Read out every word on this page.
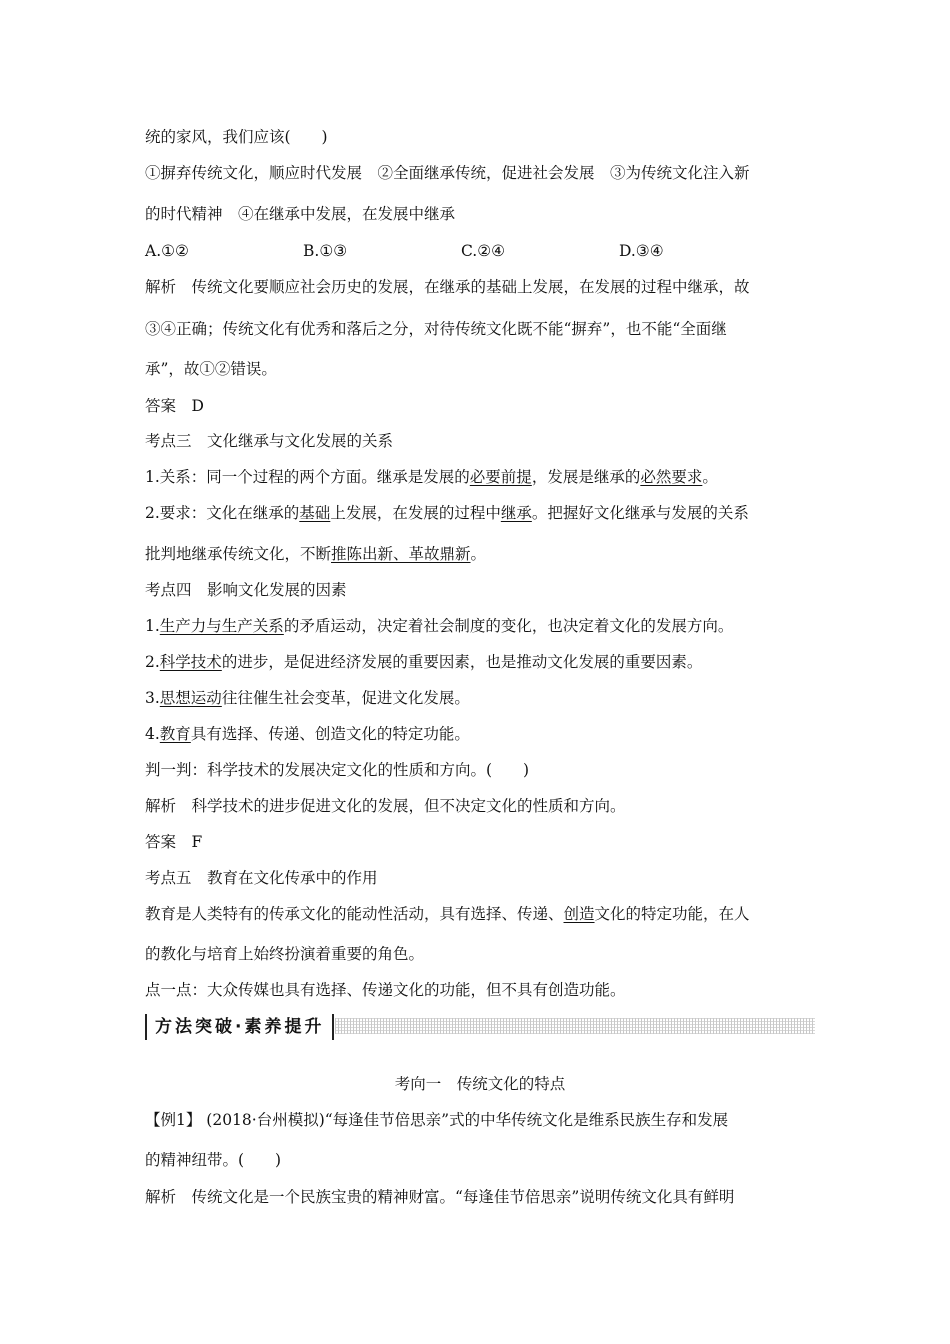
统的家风，我们应该(　　)
①摒弃传统文化，顺应时代发展　②全面继承传统，促进社会发展　③为传统文化注入新
的时代精神　④在继承中发展，在发展中继承
A.①②	B.①③	C.②④	D.③④
解析　传统文化要顺应社会历史的发展，在继承的基础上发展，在发展的过程中继承，故
③④正确；传统文化有优秀和落后之分，对待传统文化既不能“摒弃”，也不能“全面继
承”，故①②错误。
答案　D
考点三　文化继承与文化发展的关系
1.关系：同一个过程的两个方面。继承是发展的必要前提，发展是继承的必然要求。
2.要求：文化在继承的基础上发展，在发展的过程中继承。把握好文化继承与发展的关系
批判地继承传统文化，不断推陈出新、革故鼎新。
考点四　影响文化发展的因素
1.生产力与生产关系的矛盾运动，决定着社会制度的变化，也决定着文化的发展方向。
2.科学技术的进步，是促进经济发展的重要因素，也是推动文化发展的重要因素。
3.思想运动往往催生社会变革，促进文化发展。
4.教育具有选择、传递、创造文化的特定功能。
判一判：科学技术的发展决定文化的性质和方向。(　　)
解析　科学技术的进步促进文化的发展，但不决定文化的性质和方向。
答案　F
考点五　教育在文化传承中的作用
教育是人类特有的传承文化的能动性活动，具有选择、传递、创造文化的特定功能，在人
的教化与培育上始终扮演着重要的角色。
点一点：大众传媒也具有选择、传递文化的功能，但不具有创造功能。
方法突破·素养提升
考向一　传统文化的特点
【例1】 (2018·台州模拟)“每逢佳节倍思亲”式的中华传统文化是维系民族生存和发展
的精神纽带。(　　)
解析　传统文化是一个民族宝贵的精神财富。“每逢佳节倍思亲”说明传统文化具有鲜明
